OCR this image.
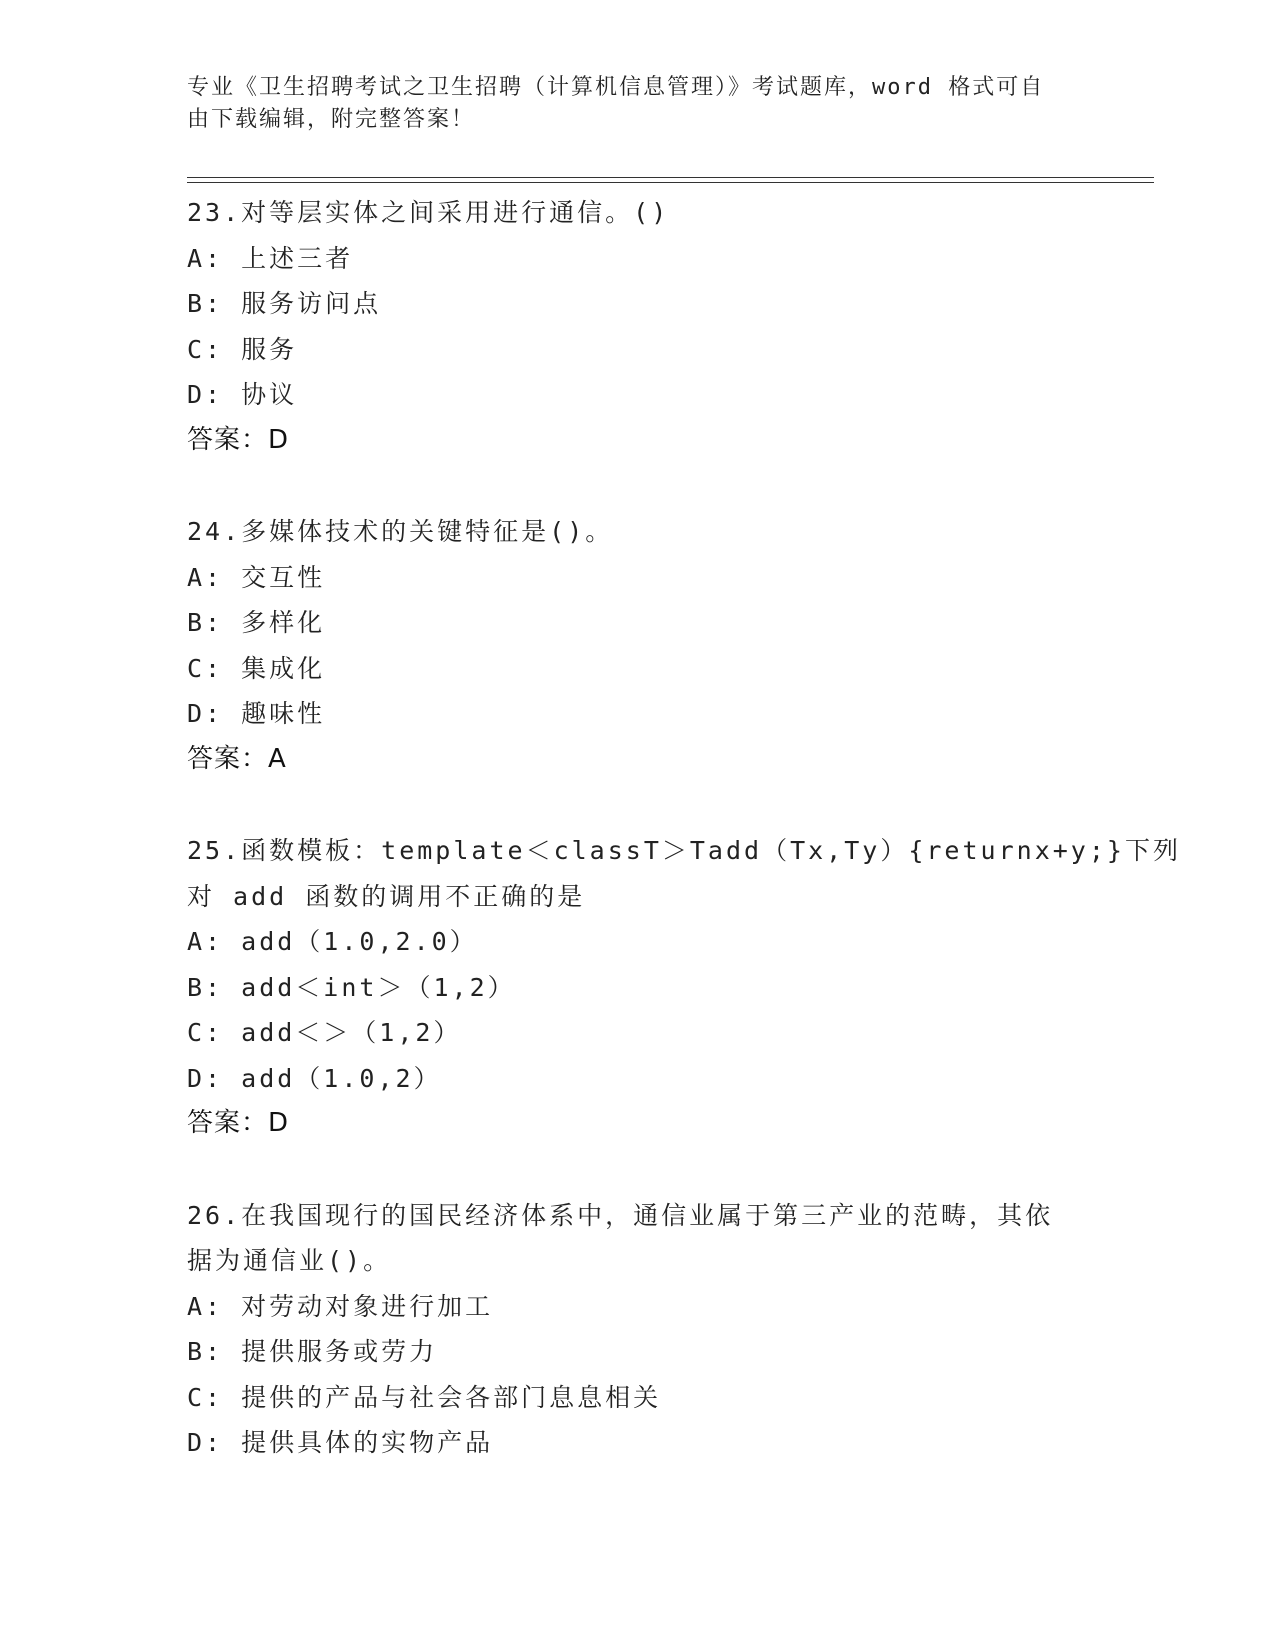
专业《卫生招聘考试之卫生招聘（计算机信息管理）》考试题库，word 格式可自

由下载编辑，附完整答案！

23.对等层实体之间采用进行通信。()
A: 上述三者
B: 服务访问点
C: 服务
D: 协议
答案：D
24.多媒体技术的关键特征是()。
A: 交互性
B: 多样化
C: 集成化
D: 趣味性
答案：A
25.函数模板：template＜classT＞Tadd（Tx,Ty）{returnx+y;}下列
对 add 函数的调用不正确的是
A: add（1.0,2.0）
B: add＜int＞（1,2）
C: add＜＞（1,2）
D: add（1.0,2）
答案：D
26.在我国现行的国民经济体系中，通信业属于第三产业的范畴，其依
据为通信业()。
A: 对劳动对象进行加工
B: 提供服务或劳力
C: 提供的产品与社会各部门息息相关
D: 提供具体的实物产品
